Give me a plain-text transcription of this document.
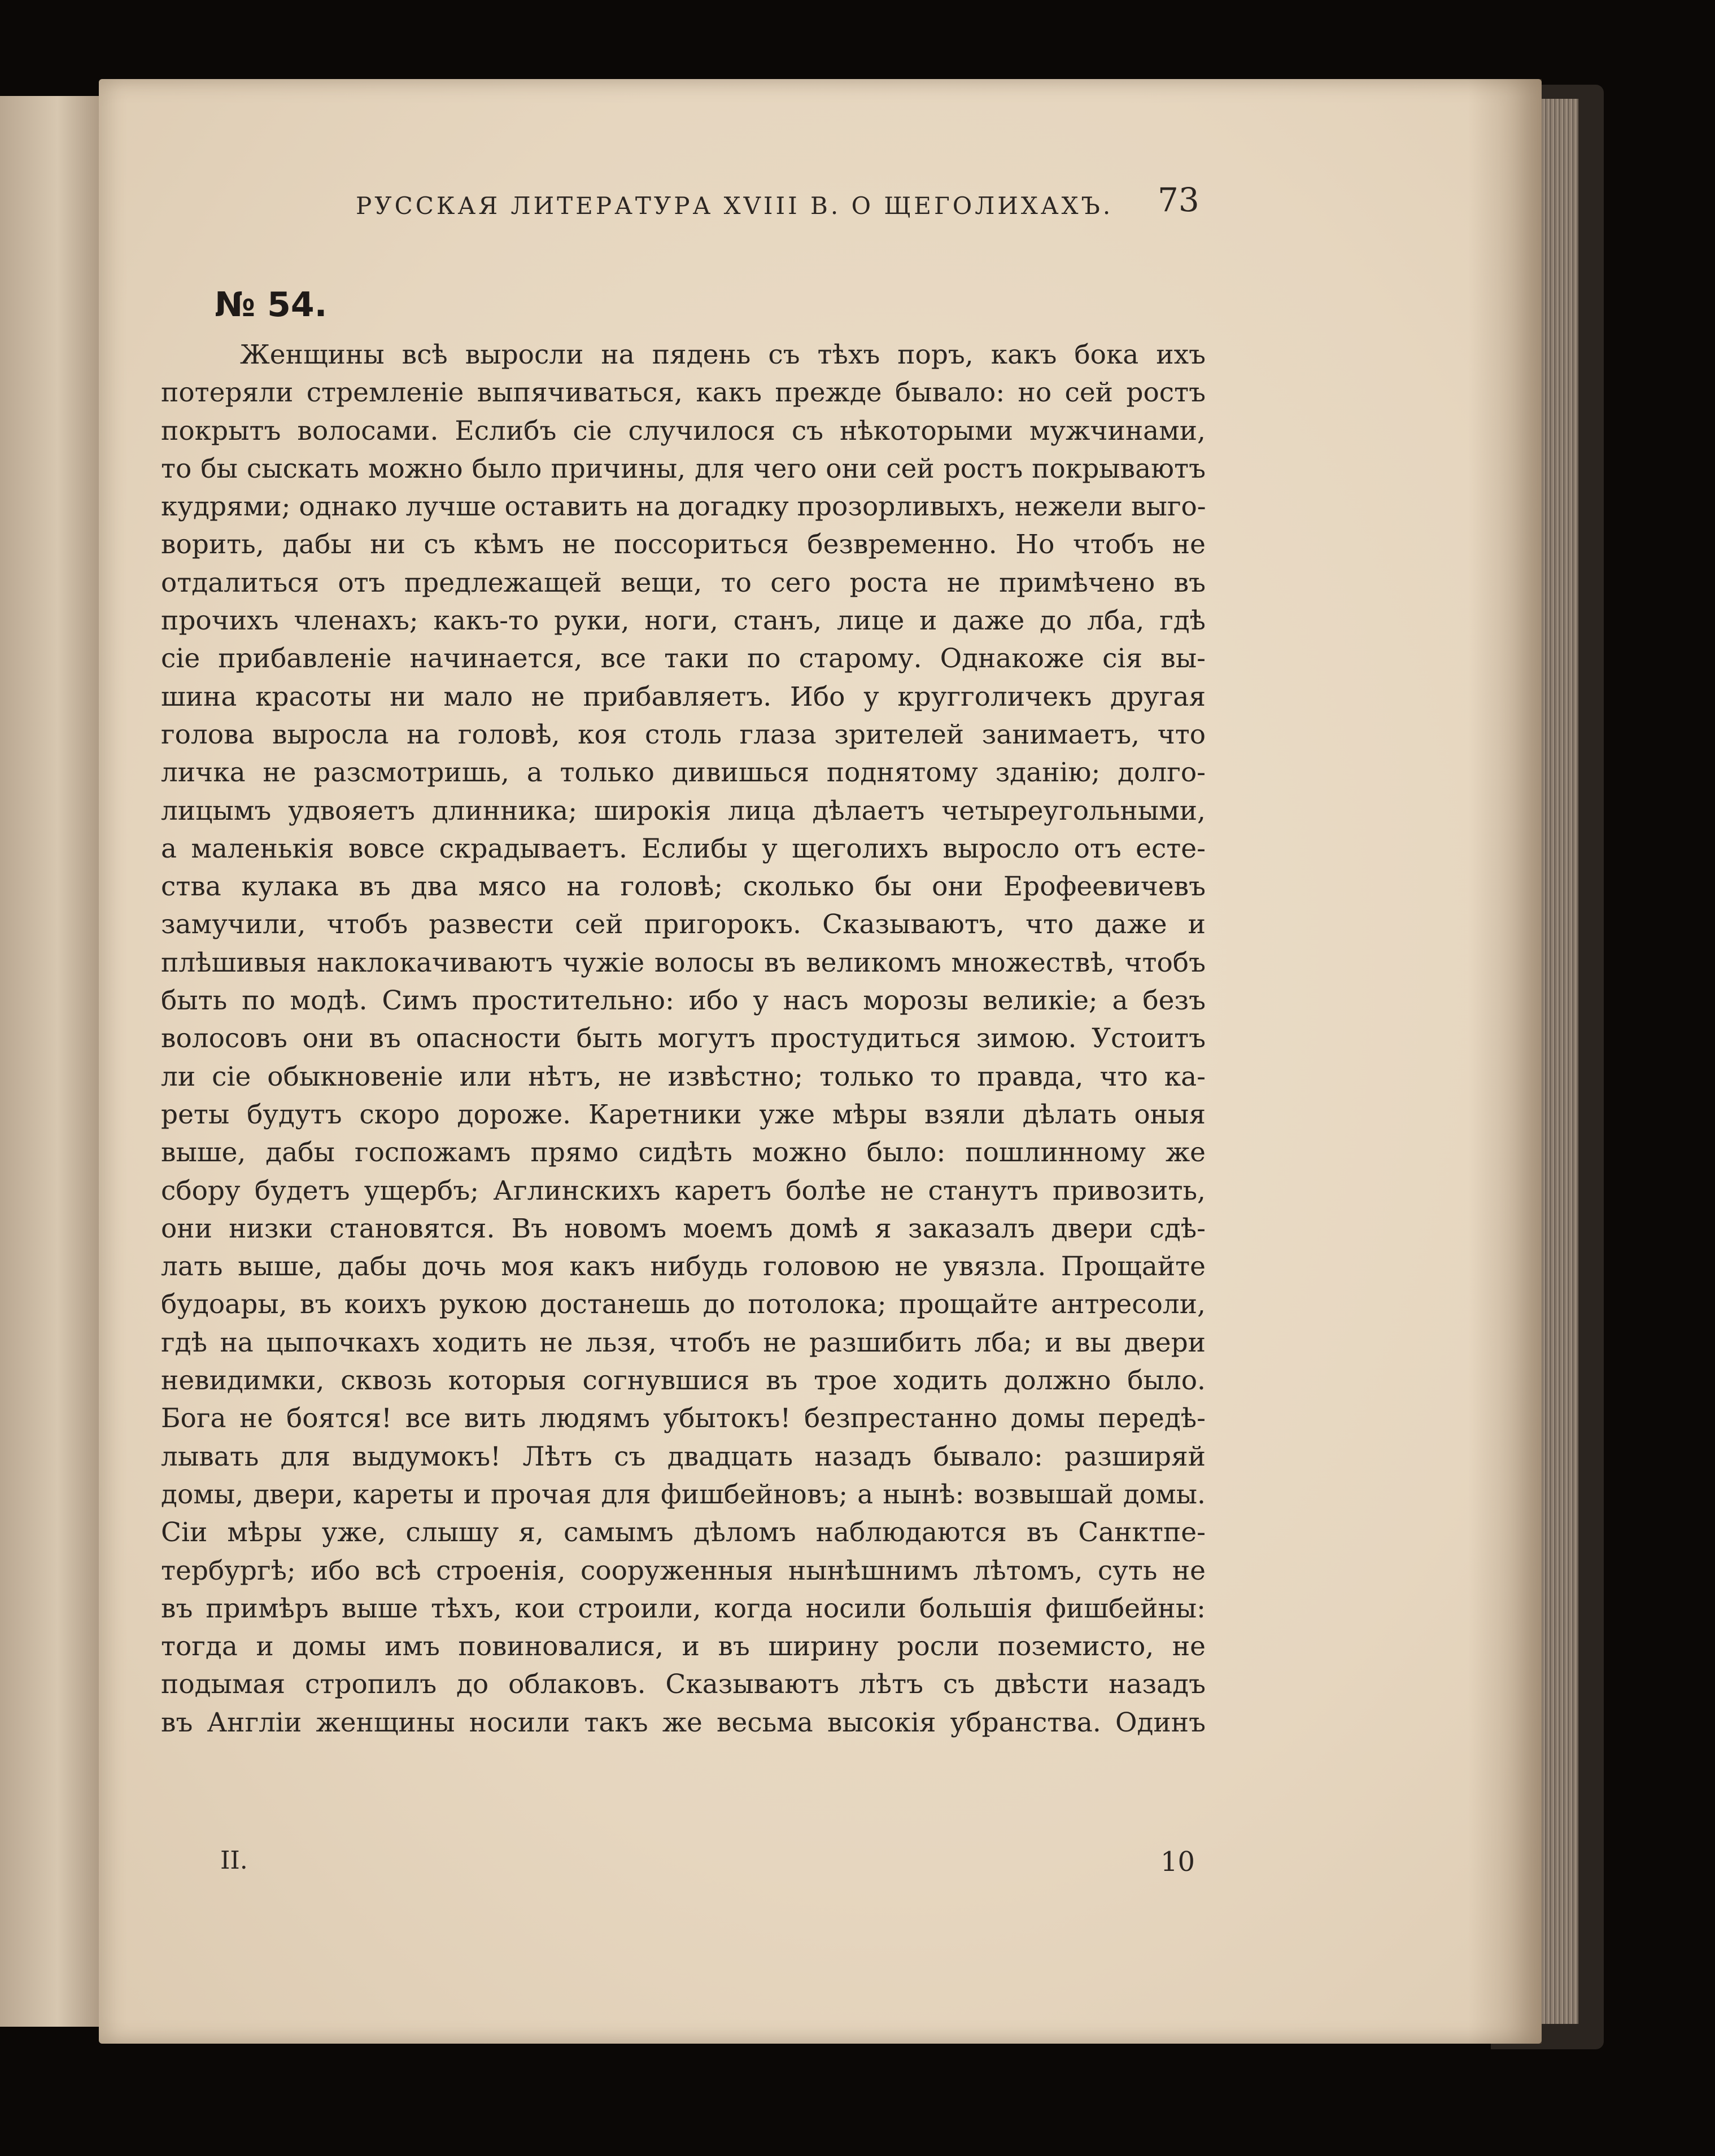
РУССКАЯ ЛИТЕРАТУРА XVIII В. О ЩЕГОЛИХАХЪ.	73
№ 54.
Женщины всѣ выросли на пядень съ тѣхъ поръ, какъ бока ихъ
потеряли стремленіе выпячиваться, какъ прежде бывало: но сей ростъ
покрытъ волосами. Еслибъ сіе случилося съ нѣкоторыми мужчинами,
то бы сыскать можно было причины, для чего они сей ростъ покрываютъ
кудрями; однако лучше оставить на догадку прозорливыхъ, нежели выго-
ворить, дабы ни съ кѣмъ не поссориться безвременно. Но чтобъ не
отдалиться отъ предлежащей вещи, то сего роста не примѣчено въ
прочихъ членахъ; какъ-то руки, ноги, станъ, лице и даже до лба, гдѣ
сіе прибавленіе начинается, все таки по старому. Однакоже сія вы-
шина красоты ни мало не прибавляетъ. Ибо у кругголичекъ другая
голова выросла на головѣ, коя столь глаза зрителей занимаетъ, что
личка не разсмотришь, а только дивишься поднятому зданію; долго-
лицымъ удвояетъ длинника; широкія лица дѣлаетъ четыреугольными,
а маленькія вовсе скрадываетъ. Еслибы у щеголихъ выросло отъ есте-
ства кулака въ два мясо на головѣ; сколько бы они Ерофеевичевъ
замучили, чтобъ развести сей пригорокъ. Сказываютъ, что даже и
плѣшивыя наклокачиваютъ чужіе волосы въ великомъ множествѣ, чтобъ
быть по модѣ. Симъ простительно: ибо у насъ морозы великіе; а безъ
волосовъ они въ опасности быть могутъ простудиться зимою. Устоитъ
ли сіе обыкновеніе или нѣтъ, не извѣстно; только то правда, что ка-
реты будутъ скоро дороже. Каретники уже мѣры взяли дѣлать оныя
выше, дабы госпожамъ прямо сидѣть можно было: пошлинному же
сбору будетъ ущербъ; Аглинскихъ каретъ болѣе не станутъ привозить,
они низки становятся. Въ новомъ моемъ домѣ я заказалъ двери сдѣ-
лать выше, дабы дочь моя какъ нибудь головою не увязла. Прощайте
будоары, въ коихъ рукою достанешь до потолока; прощайте антресоли,
гдѣ на цыпочкахъ ходить не льзя, чтобъ не разшибить лба; и вы двери
невидимки, сквозь которыя согнувшися въ трое ходить должно было.
Бога не боятся! все вить людямъ убытокъ! безпрестанно домы передѣ-
лывать для выдумокъ! Лѣтъ съ двадцать назадъ бывало: разширяй
домы, двери, кареты и прочая для фишбейновъ; а нынѣ: возвышай домы.
Сіи мѣры уже, слышу я, самымъ дѣломъ наблюдаются въ Санктпе-
тербургѣ; ибо всѣ строенія, сооруженныя нынѣшнимъ лѣтомъ, суть не
въ примѣръ выше тѣхъ, кои строили, когда носили большія фишбейны:
тогда и домы имъ повиновалися, и въ ширину росли поземисто, не
подымая стропилъ до облаковъ. Сказываютъ лѣтъ съ двѣсти назадъ
въ Англіи женщины носили такъ же весьма высокія убранства. Одинъ
II.	10
